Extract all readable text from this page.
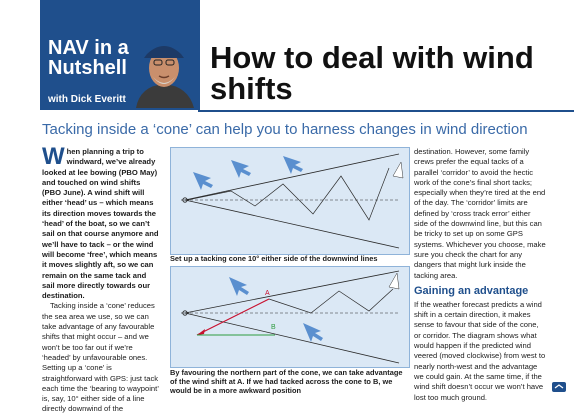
NAV in a Nutshell
with Dick Everitt
How to deal with wind shifts
Tacking inside a ‘cone’ can help you to harness changes in wind direction

When planning a trip to windward, we’ve already looked at lee bowing (PBO May) and touched on wind shifts (PBO June). A wind shift will either ‘head’ us – which means its direction moves towards the ‘head’ of the boat, so we can’t sail on that course anymore and we’ll have to tack – or the wind will become ‘free’, which means it moves slightly aft, so we can remain on the same tack and sail more directly towards our destination.

Tacking inside a ‘cone’ reduces the sea area we use, so we can take advantage of any favourable shifts that might occur – and we won’t be too far out if we’re ‘headed’ by unfavourable ones. Setting up a ‘cone’ is straightforward with GPS: just tack each time the ‘bearing to waypoint’ is, say, 10° either side of a line directly downwind of the

Set up a tacking cone 10° either side of the downwind lines
A
B
By favouring the northern part of the cone, we can take advantage of the wind shift at A. If we had tacked across the cone to B, we would be in a more awkward position

destination. However, some family crews prefer the equal tacks of a parallel ‘corridor’ to avoid the hectic work of the cone’s final short tacks; especially when they’re tired at the end of the day. The ‘corridor’ limits are defined by ‘cross track error’ either side of the downwind line, but this can be tricky to set up on some GPS systems. Whichever you choose, make sure you check the chart for any dangers that might lurk inside the tacking area.

Gaining an advantage

If the weather forecast predicts a wind shift in a certain direction, it makes sense to favour that side of the cone, or corridor. The diagram shows what would happen if the predicted wind veered (moved clockwise) from west to nearly north-west and the advantage we could gain. At the same time, if the wind shift doesn’t occur we won’t have lost too much ground.
